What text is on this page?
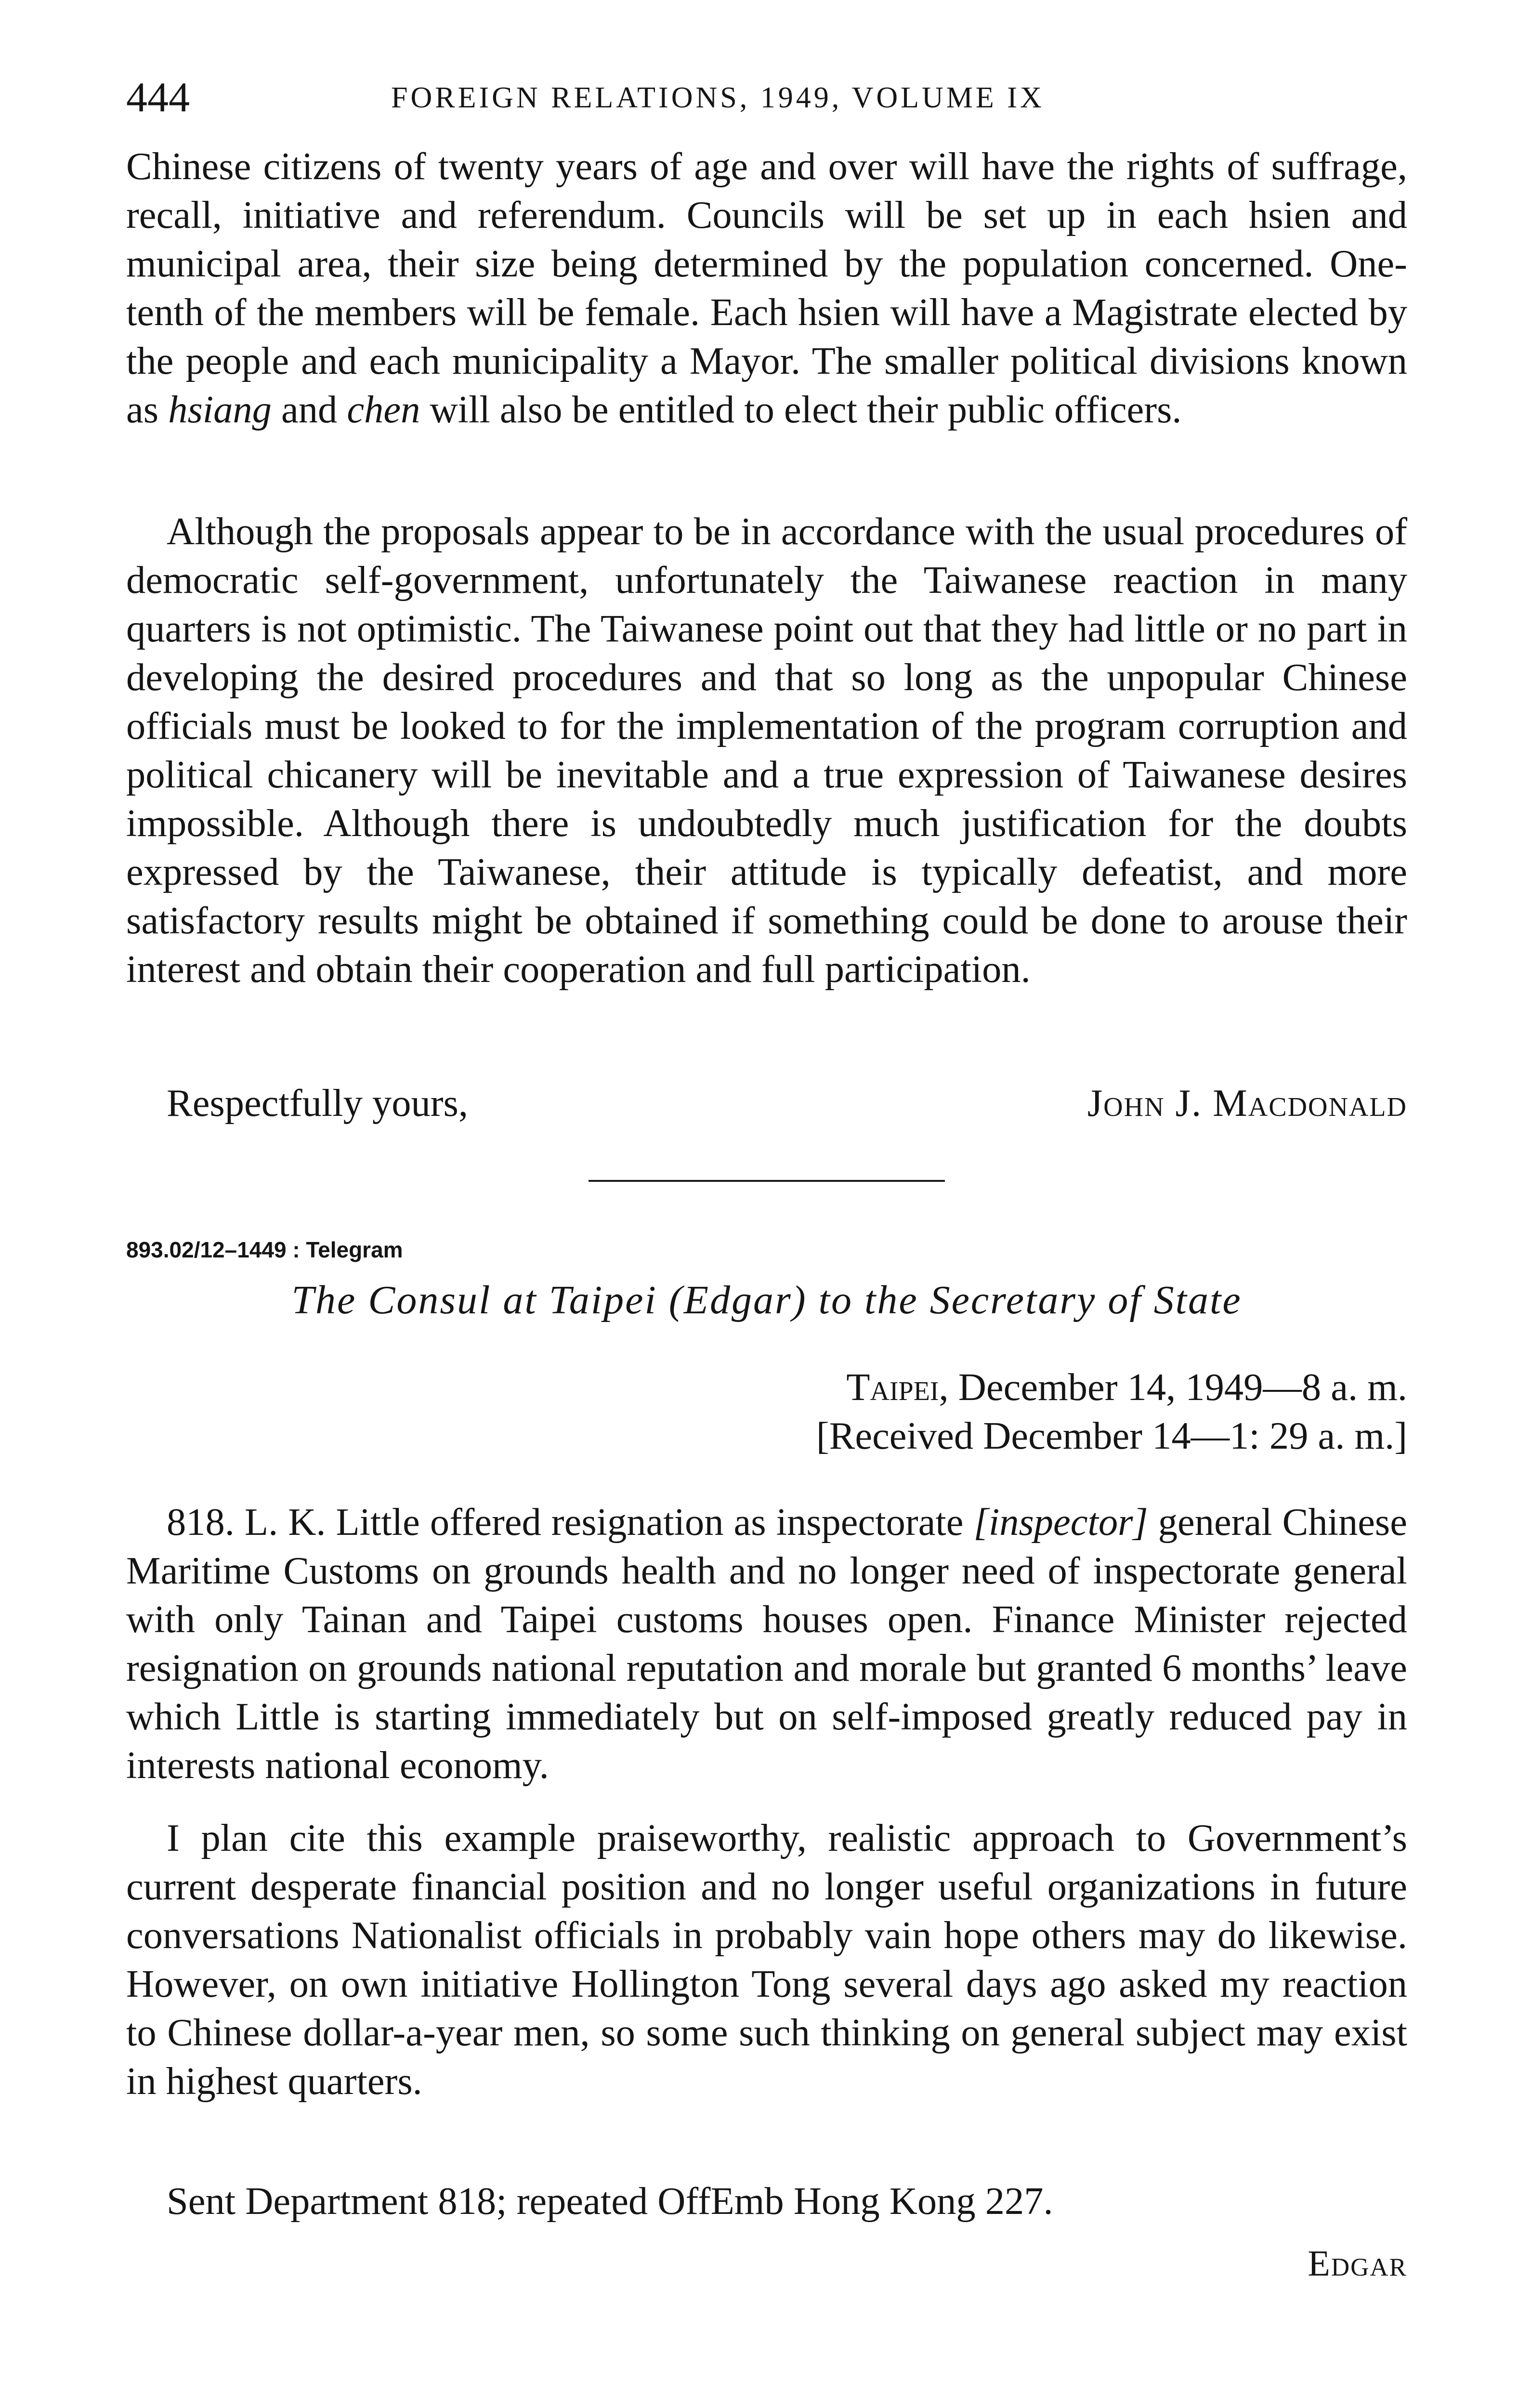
444	FOREIGN RELATIONS, 1949, VOLUME IX

Chinese citizens of twenty years of age and over will have the rights of suffrage, recall, initiative and referendum. Councils will be set up in each hsien and municipal area, their size being determined by the population concerned. One-tenth of the members will be female. Each hsien will have a Magistrate elected by the people and each municipality a Mayor. The smaller political divisions known as hsiang and chen will also be entitled to elect their public officers.

Although the proposals appear to be in accordance with the usual procedures of democratic self-government, unfortunately the Taiwanese reaction in many quarters is not optimistic. The Taiwanese point out that they had little or no part in developing the desired procedures and that so long as the unpopular Chinese officials must be looked to for the implementation of the program corruption and political chicanery will be inevitable and a true expression of Taiwanese desires impossible. Although there is undoubtedly much justification for the doubts expressed by the Taiwanese, their attitude is typically defeatist, and more satisfactory results might be obtained if something could be done to arouse their interest and obtain their cooperation and full participation.

Respectfully yours,	John J. Macdonald
893.02/12–1449 : Telegram
The Consul at Taipei (Edgar) to the Secretary of State
Taipei, December 14, 1949—8 a. m.
[Received December 14—1: 29 a. m.]

818. L. K. Little offered resignation as inspectorate [inspector] general Chinese Maritime Customs on grounds health and no longer need of inspectorate general with only Tainan and Taipei customs houses open. Finance Minister rejected resignation on grounds national reputation and morale but granted 6 months’ leave which Little is starting immediately but on self-imposed greatly reduced pay in interests national economy.

I plan cite this example praiseworthy, realistic approach to Government’s current desperate financial position and no longer useful organizations in future conversations Nationalist officials in probably vain hope others may do likewise. However, on own initiative Hollington Tong several days ago asked my reaction to Chinese dollar-a-year men, so some such thinking on general subject may exist in highest quarters.

Sent Department 818; repeated OffEmb Hong Kong 227.

Edgar
